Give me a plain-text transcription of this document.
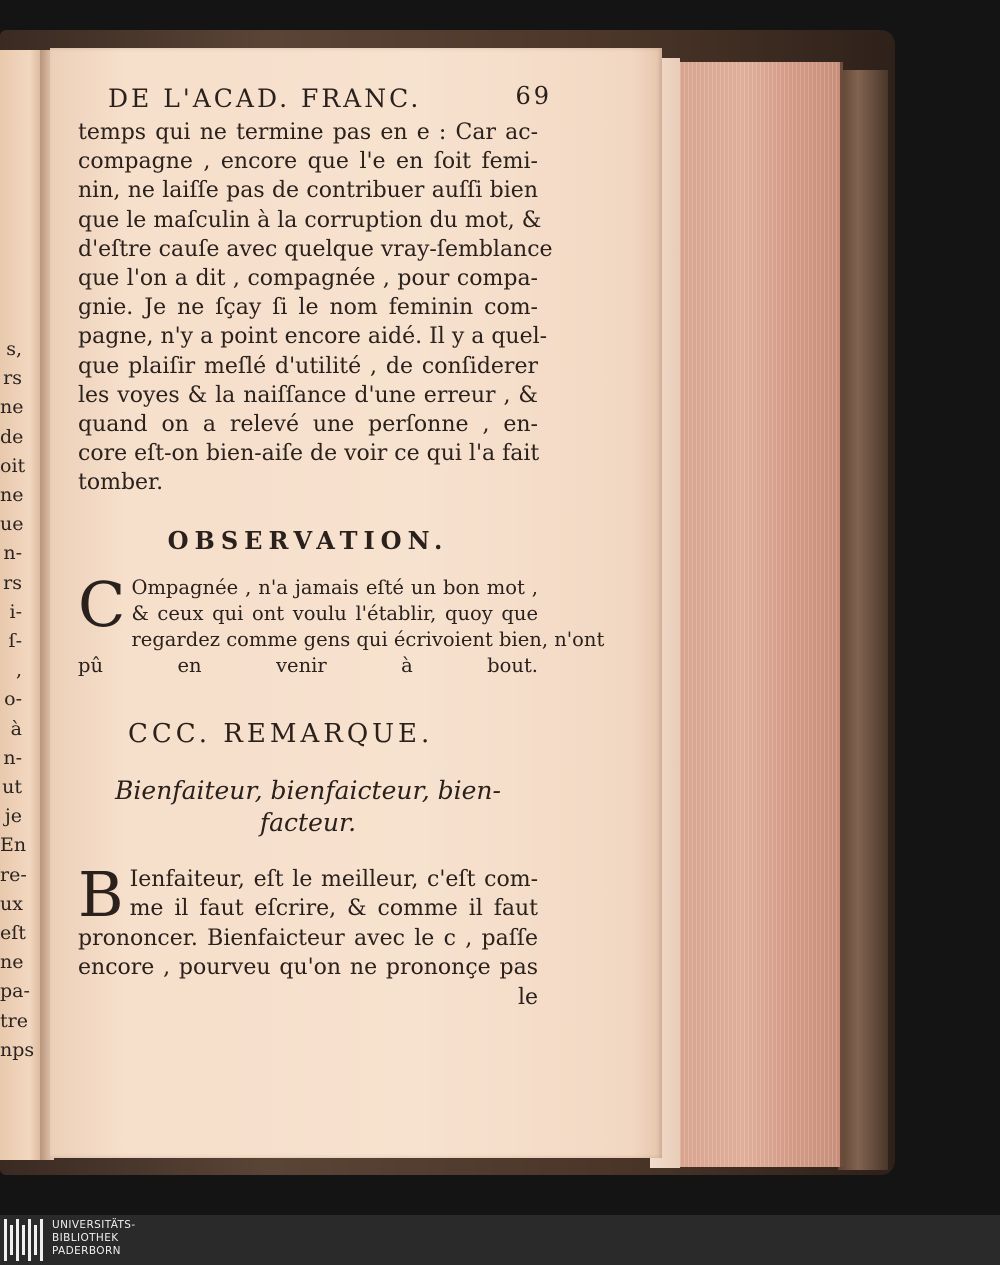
s,
rs
ne
de
oit
ne
ue
n-
rs
i-
ſ-
,
o-
à
n-
ut
je
En
re-
ux
eſt
ne
pa-
tre
nps
DE L'ACAD. FRANC.	69
temps qui ne termine pas en e : Car ac-
compagne , encore que l'e en ſoit femi-
nin, ne laiſſe pas de contribuer auſſi bien
que le maſculin à la corruption du mot, &
d'eſtre cauſe avec quelque vray-ſemblance
que l'on a dit , compagnée , pour compa-
gnie. Je ne ſçay ſi le nom feminin com-
pagne, n'y a point encore aidé. Il y a quel-
que plaiſir meſlé d'utilité , de conſiderer
les voyes & la naiſſance d'une erreur , &
quand on a relevé une perſonne , en-
core eſt-on bien-aiſe de voir ce qui l'a fait
tomber.
OBSERVATION.
C Ompagnée , n'a jamais eſté un bon mot ,
& ceux qui ont voulu l'établir, quoy que
regardez comme gens qui écrivoient bien, n'ont
pû en venir à bout.
CCC. REMARQUE.
Bienfaiteur, bienfaicteur, bien-
facteur.
B Ienfaiteur, eſt le meilleur, c'eſt com-
me il faut eſcrire, & comme il faut
prononcer. Bienfaicteur avec le c , paſſe
encore , pourveu qu'on ne prononçe pas
le
UNIVERSITÄTS-
BIBLIOTHEK
PADERBORN
